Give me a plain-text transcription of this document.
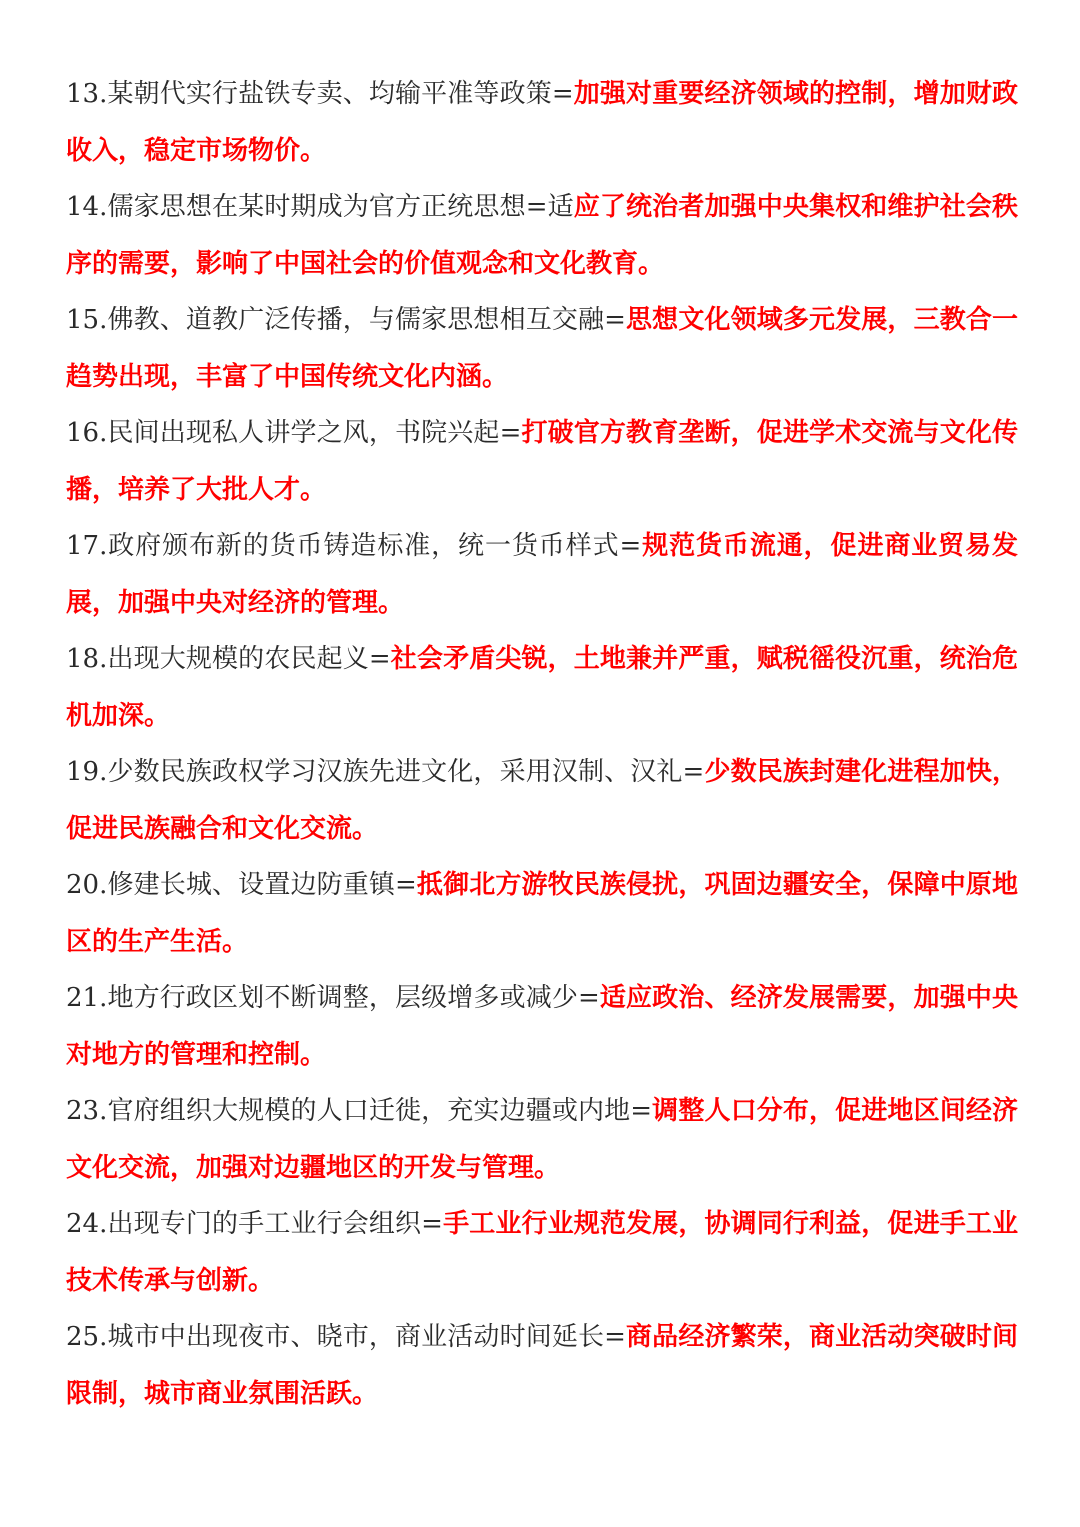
13.某朝代实行盐铁专卖、均输平准等政策=加强对重要经济领域的控制，增加财政收入，稳定市场物价。

14.儒家思想在某时期成为官方正统思想=适应了统治者加强中央集权和维护社会秩序的需要，影响了中国社会的价值观念和文化教育。

15.佛教、道教广泛传播，与儒家思想相互交融=思想文化领域多元发展，三教合一趋势出现，丰富了中国传统文化内涵。

16.民间出现私人讲学之风，书院兴起=打破官方教育垄断，促进学术交流与文化传播，培养了大批人才。

17.政府颁布新的货币铸造标准，统一货币样式=规范货币流通，促进商业贸易发展，加强中央对经济的管理。

18.出现大规模的农民起义=社会矛盾尖锐，土地兼并严重，赋税徭役沉重，统治危机加深。

19.少数民族政权学习汉族先进文化，采用汉制、汉礼=少数民族封建化进程加快，促进民族融合和文化交流。

20.修建长城、设置边防重镇=抵御北方游牧民族侵扰，巩固边疆安全，保障中原地区的生产生活。

21.地方行政区划不断调整，层级增多或减少=适应政治、经济发展需要，加强中央对地方的管理和控制。

23.官府组织大规模的人口迁徙，充实边疆或内地=调整人口分布，促进地区间经济文化交流，加强对边疆地区的开发与管理。

24.出现专门的手工业行会组织=手工业行业规范发展，协调同行利益，促进手工业技术传承与创新。

25.城市中出现夜市、晓市，商业活动时间延长=商品经济繁荣，商业活动突破时间限制，城市商业氛围活跃。
